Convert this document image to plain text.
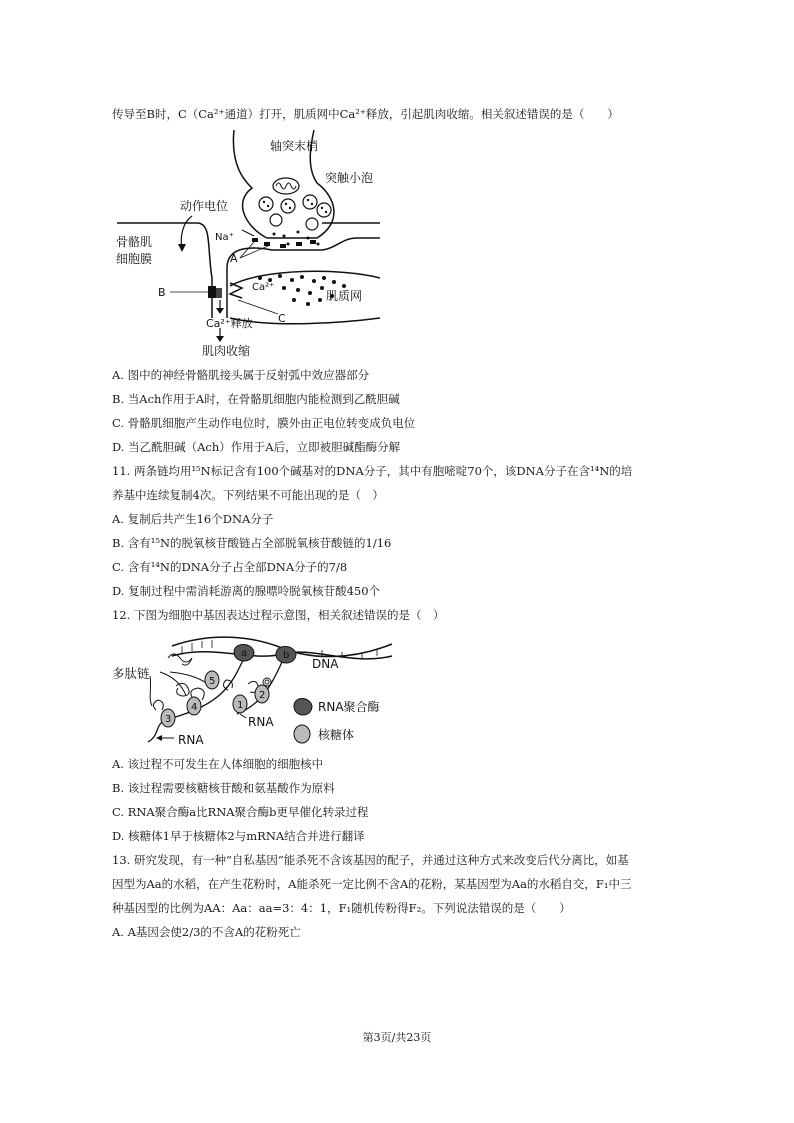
传导至B时，C（Ca²⁺通道）打开，肌质网中Ca²⁺释放，引起肌肉收缩。相关叙述错误的是（　　）
轴突末梢
突触小泡
动作电位
骨骼肌
细胞膜
Na⁺
A
B
C
Ca²⁺
肌质网
Ca²⁺释放
肌肉收缩
A. 图中的神经骨骼肌接头属于反射弧中效应器部分
B. 当Ach作用于A时，在骨骼肌细胞内能检测到乙酰胆碱
C. 骨骼肌细胞产生动作电位时，膜外由正电位转变成负电位
D. 当乙酰胆碱（Ach）作用于A后，立即被胆碱酯酶分解
11. 两条链均用¹⁵N标记含有100个碱基对的DNA分子，其中有胞嘧啶70个，该DNA分子在含¹⁴N的培
养基中连续复制4次。下列结果不可能出现的是（　）
A. 复制后共产生16个DNA分子
B. 含有¹⁵N的脱氧核苷酸链占全部脱氧核苷酸链的1/16
C. 含有¹⁴N的DNA分子占全部DNA分子的7/8
D. 复制过程中需消耗游离的腺嘌呤脱氧核苷酸450个
12. 下图为细胞中基因表达过程示意图，相关叙述错误的是（　）
多肽链
DNA
RNA
RNA
a	b
1
2
3
4
5
RNA聚合酶
核糖体
A. 该过程不可发生在人体细胞的细胞核中
B. 该过程需要核糖核苷酸和氨基酸作为原料
C. RNA聚合酶a比RNA聚合酶b更早催化转录过程
D. 核糖体1早于核糖体2与mRNA结合并进行翻译
13. 研究发现，有一种“自私基因”能杀死不含该基因的配子，并通过这种方式来改变后代分离比，如基
因型为Aa的水稻，在产生花粉时，A能杀死一定比例不含A的花粉，某基因型为Aa的水稻自交，F₁中三
种基因型的比例为AA：Aa：aa=3：4：1，F₁随机传粉得F₂。下列说法错误的是（　　）
A. A基因会使2/3的不含A的花粉死亡
第3页/共23页
